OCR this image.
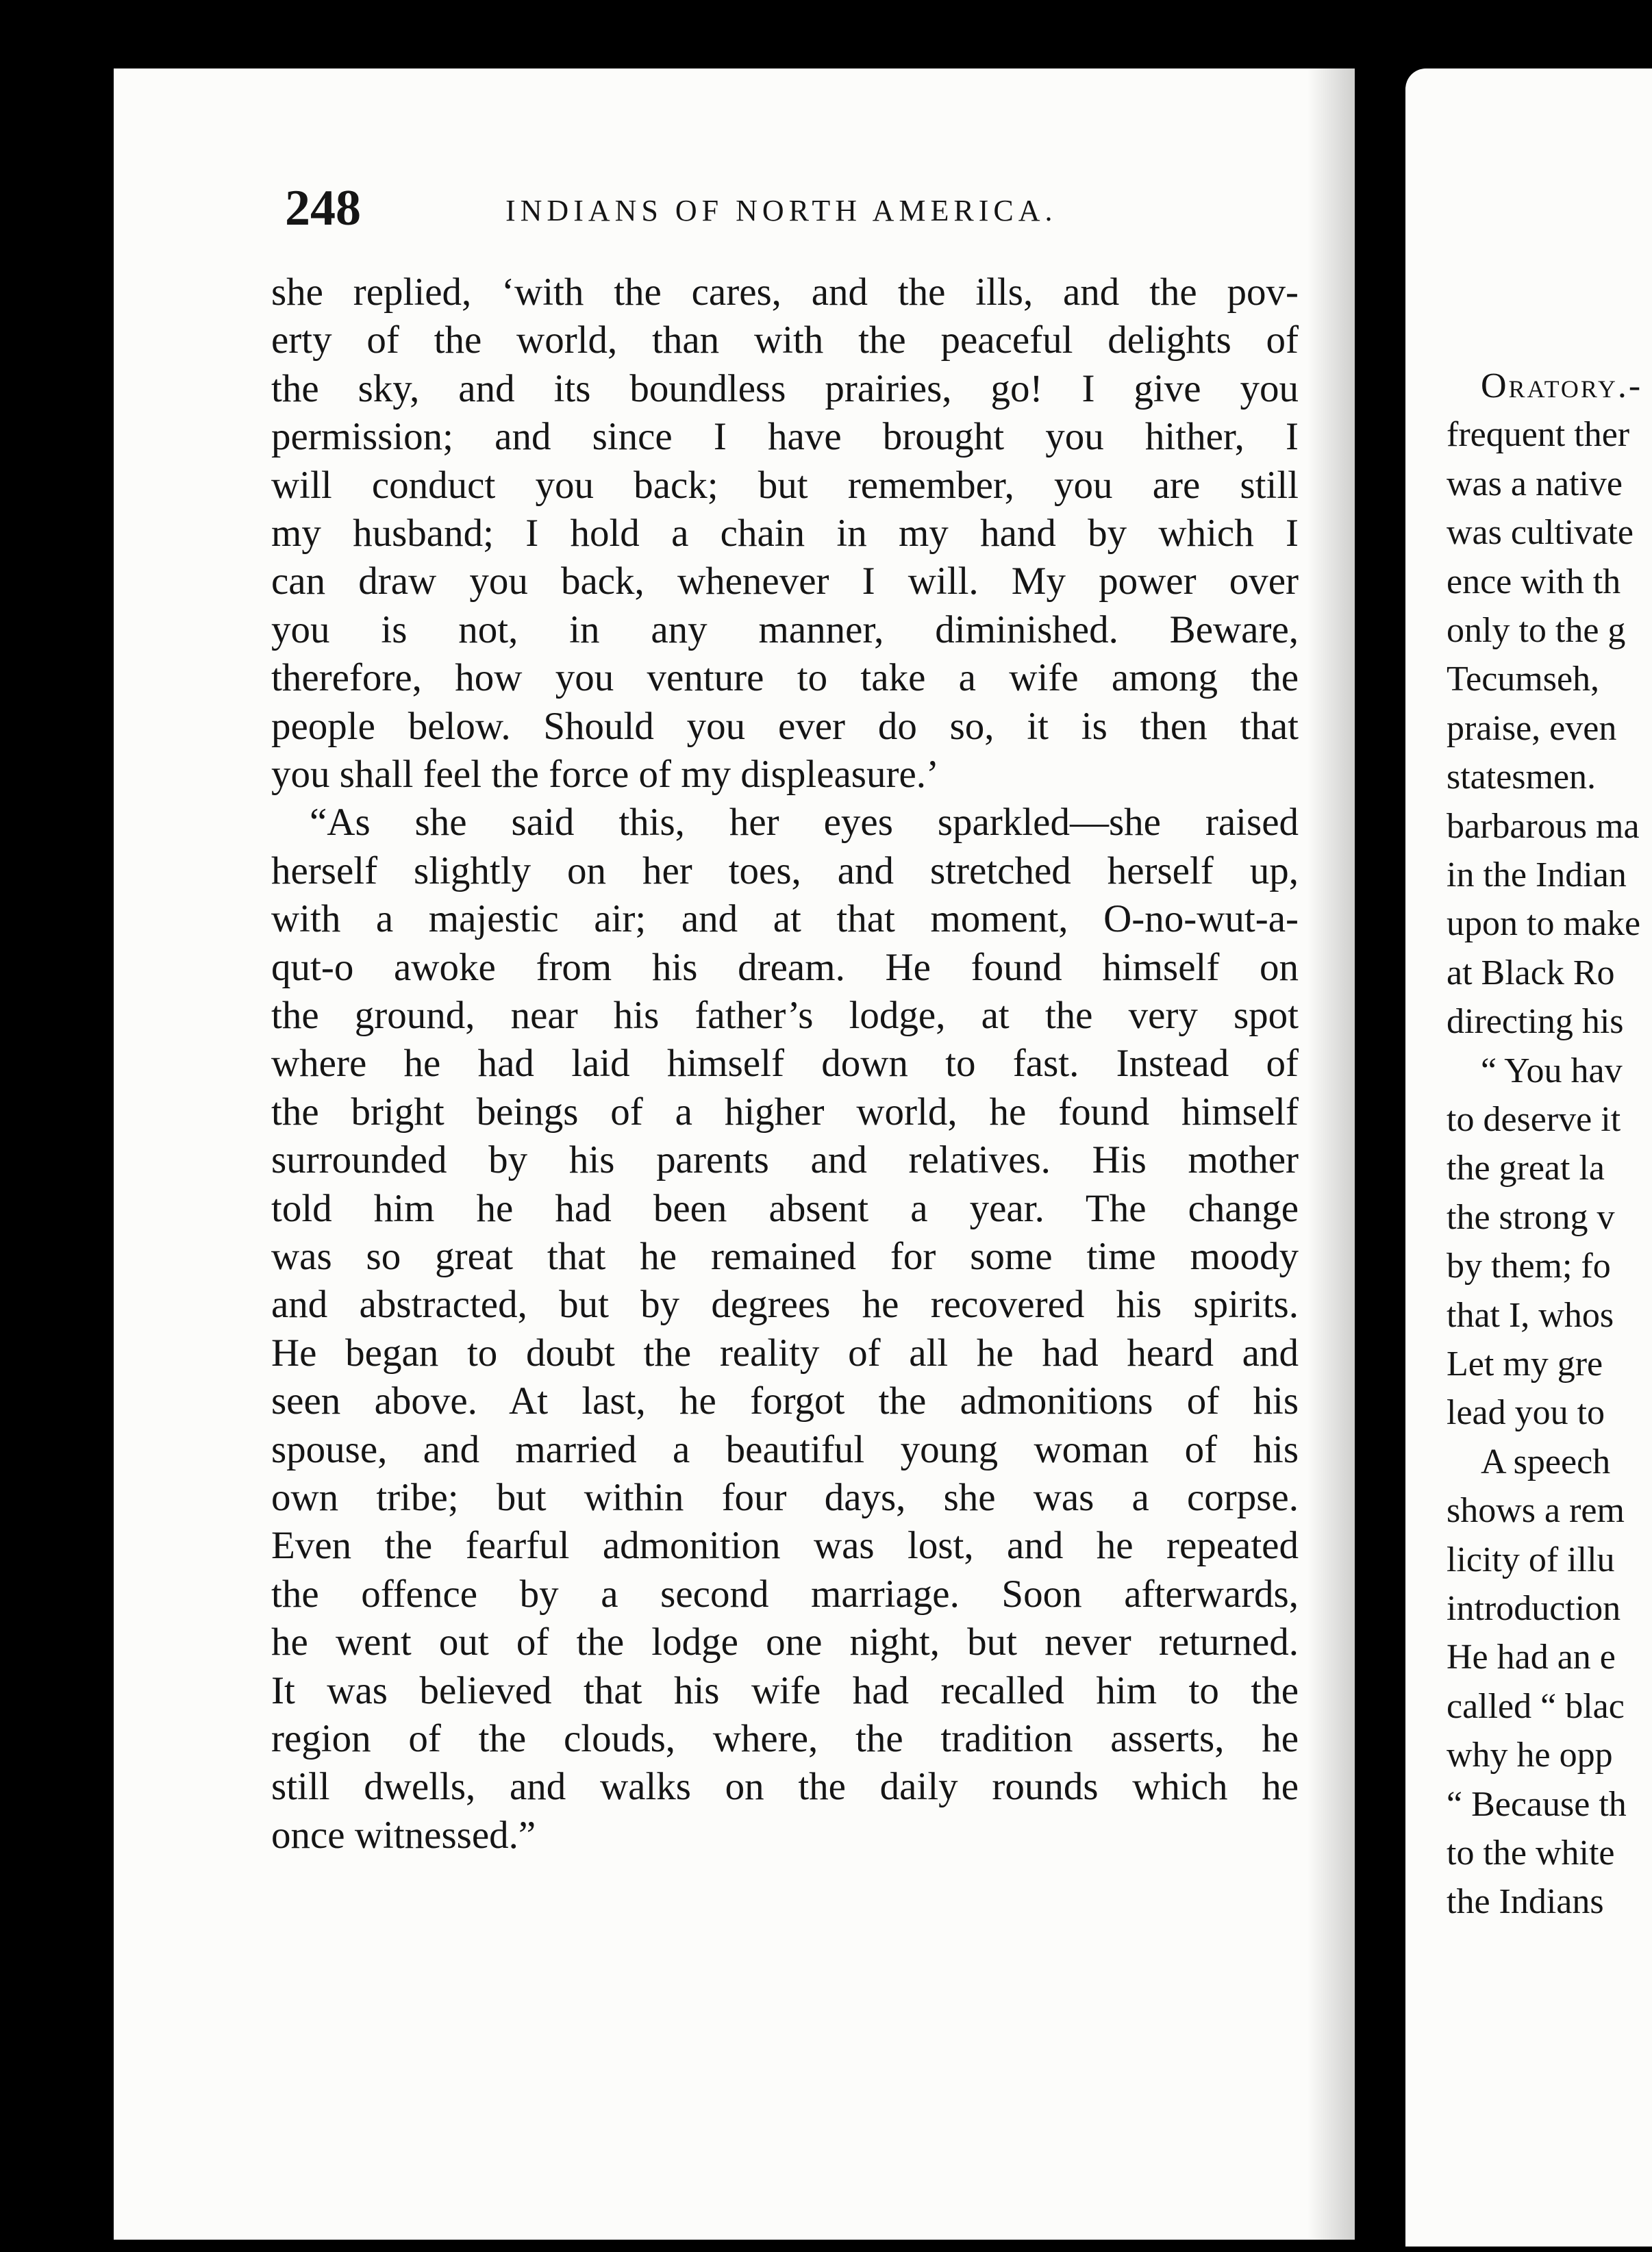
248	INDIANS OF NORTH AMERICA.
she replied, ‘with the cares, and the ills, and the pov-
erty of the world, than with the peaceful delights of
the sky, and its boundless prairies, go! I give you
permission; and since I have brought you hither, I
will conduct you back; but remember, you are still
my husband; I hold a chain in my hand by which I
can draw you back, whenever I will. My power over
you is not, in any manner, diminished. Beware,
therefore, how you venture to take a wife among the
people below. Should you ever do so, it is then that
you shall feel the force of my displeasure.’
“As she said this, her eyes sparkled—she raised
herself slightly on her toes, and stretched herself up,
with a majestic air; and at that moment, O-no-wut-a-
qut-o awoke from his dream. He found himself on
the ground, near his father’s lodge, at the very spot
where he had laid himself down to fast. Instead of
the bright beings of a higher world, he found himself
surrounded by his parents and relatives. His mother
told him he had been absent a year. The change
was so great that he remained for some time moody
and abstracted, but by degrees he recovered his spirits.
He began to doubt the reality of all he had heard and
seen above. At last, he forgot the admonitions of his
spouse, and married a beautiful young woman of his
own tribe; but within four days, she was a corpse.
Even the fearful admonition was lost, and he repeated
the offence by a second marriage. Soon afterwards,
he went out of the lodge one night, but never returned.
It was believed that his wife had recalled him to the
region of the clouds, where, the tradition asserts, he
still dwells, and walks on the daily rounds which he
once witnessed.”
Oratory.-
frequent ther
was a native
was cultivate
ence with th
only to the g
Tecumseh,
praise, even
statesmen.
barbarous ma
in the Indian
upon to make
at Black Ro
directing his
“ You hav
to deserve it
the great la
the strong v
by them; fo
that I, whos
Let my gre
lead you to
A speech
shows a rem
licity of illu
introduction
He had an e
called “ blac
why he opp
“ Because th
to the white
the Indians
